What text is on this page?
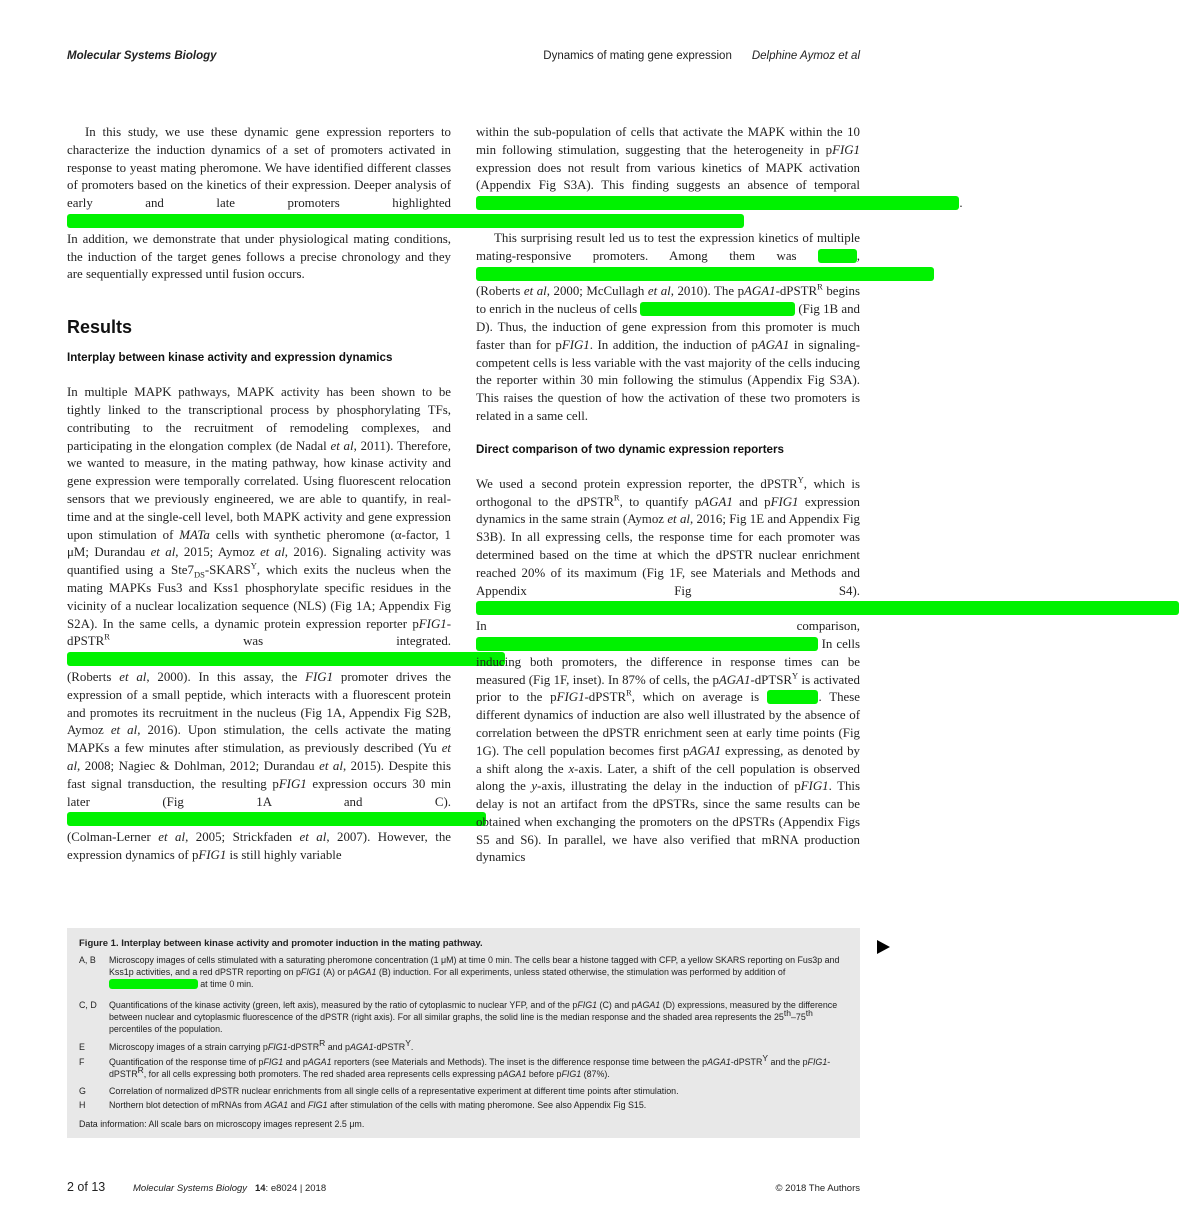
Molecular Systems Biology	Dynamics of mating gene expression Delphine Aymoz et al

In this study, we use these dynamic gene expression reporters to characterize the induction dynamics of a set of promoters activated in response to yeast mating pheromone. We have identified different classes of promoters based on the kinetics of their expression. Deeper analysis of early and late promoters highlighted In addition, we demonstrate that under physiological mating conditions, the induction of the target genes follows a precise chronology and they are sequentially expressed until fusion occurs.

Results

Interplay between kinase activity and expression dynamics

In multiple MAPK pathways, MAPK activity has been shown to be tightly linked to the transcriptional process by phosphorylating TFs, contributing to the recruitment of remodeling complexes, and participating in the elongation complex (de Nadal et al, 2011). Therefore, we wanted to measure, in the mating pathway, how kinase activity and gene expression were temporally correlated. Using fluorescent relocation sensors that we previously engineered, we are able to quantify, in real-time and at the single-cell level, both MAPK activity and gene expression upon stimulation of MATa cells with synthetic pheromone (α-factor, 1 μM; Durandau et al, 2015; Aymoz et al, 2016). Signaling activity was quantified using a $Ste7_{DS}-SKARS^Y$, which exits the nucleus when the mating MAPKs Fus3 and Kss1 phosphorylate specific residues in the vicinity of a nuclear localization sequence (NLS) (Fig 1A; Appendix Fig S2A). In the same cells, a dynamic protein expression reporter pFIG1-dPSTR$^R$	was integrated. (Roberts et al, 2000). In this assay, the FIG1 promoter drives the expression of a small peptide, which interacts with a fluorescent protein and promotes its recruitment in the nucleus (Fig 1A, Appendix Fig S2B, Aymoz et al, 2016). Upon stimulation, the cells activate the mating MAPKs a few minutes after stimulation, as previously described (Yu et al, 2008; Nagiec & Dohlman, 2012; Durandau et al, 2015). Despite this fast signal transduction, the resulting pFIG1 expression occurs 30 min later (Fig 1A and C). (Colman-Lerner et al, 2005; Strickfaden et al, 2007). However, the expression dynamics of pFIG1 is still highly variable

within the sub-population of cells that activate the MAPK within the 10 min following stimulation, suggesting that the heterogeneity in pFIG1 expression does not result from various kinetics of MAPK activation (Appendix Fig S3A). This finding suggests an absence of temporal .

This surprising result led us to test the expression kinetics of multiple mating-responsive promoters. Among them was	, (Roberts et al, 2000; McCullagh et al, 2010). The pAGA1-dPSTR$^R$ begins to enrich in the nucleus of cells	(Fig 1B and D). Thus, the induction of gene expression from this promoter is much faster than for pFIG1. In addition, the induction of pAGA1 in signaling-competent cells is less variable with the vast majority of the cells inducing the reporter within 30 min following the stimulus (Appendix Fig S3A). This raises the question of how the activation of these two promoters is related in a same cell.

Direct comparison of two dynamic expression reporters

We used a second protein expression reporter, the dPSTR$^Y$, which is orthogonal to the dPSTR$^R$, to quantify pAGA1 and pFIG1 expression dynamics in the same strain (Aymoz et al, 2016; Fig 1E and Appendix Fig S3B). In all expressing cells, the response time for each promoter was determined based on the time at which the dPSTR nuclear enrichment reached 20% of its maximum (Fig 1F, see Materials and Methods and Appendix Fig S4). In comparison, In cells inducing both promoters, the difference in response times can be measured (Fig 1F, inset). In 87% of cells, the pAGA1-dPTSR$^Y$ is activated prior to the pFIG1-dPSTR$^R$, which on average is	. These different dynamics of induction are also well illustrated by the absence of correlation between the dPSTR enrichment seen at early time points (Fig 1G). The cell population becomes first pAGA1 expressing, as denoted by a shift along the x-axis. Later, a shift of the cell population is observed along the y-axis, illustrating the delay in the induction of pFIG1. This delay is not an artifact from the dPSTRs, since the same results can be obtained when exchanging the promoters on the dPSTRs (Appendix Figs S5 and S6). In parallel, we have also verified that mRNA production dynamics

Figure 1. Interplay between kinase activity and promoter induction in the mating pathway.
A, B	Microscopy images of cells stimulated with a saturating pheromone concentration (1 μM) at time 0 min. The cells bear a histone tagged with CFP, a yellow SKARS reporting on Fus3p and Kss1p activities, and a red dPSTR reporting on pFIG1 (A) or pAGA1 (B) induction. For all experiments, unless stated otherwise, the stimulation was performed by addition of at time 0 min.
C, D	Quantifications of the kinase activity (green, left axis), measured by the ratio of cytoplasmic to nuclear YFP, and of the pFIG1 (C) and pAGA1 (D) expressions, measured by the difference between nuclear and cytoplasmic fluorescence of the dPSTR (right axis). For all similar graphs, the solid line is the median response and the shaded area represents the 25th–75th percentiles of the population.
E	Microscopy images of a strain carrying pFIG1-dPSTR$^R$ and pAGA1-dPSTR$^Y$.
F	Quantification of the response time of pFIG1 and pAGA1 reporters (see Materials and Methods). The inset is the difference response time between the pAGA1-dPSTR$^Y$ and the pFIG1-dPSTR$^R$, for all cells expressing both promoters. The red shaded area represents cells expressing pAGA1 before pFIG1 (87%).
G	Correlation of normalized dPSTR nuclear enrichments from all single cells of a representative experiment at different time points after stimulation.
H	Northern blot detection of mRNAs from AGA1 and FIG1 after stimulation of the cells with mating pheromone. See also Appendix Fig S15.
Data information: All scale bars on microscopy images represent 2.5 μm.
2 of 13	Molecular Systems Biology 14: e8024 | 2018	© 2018 The Authors
